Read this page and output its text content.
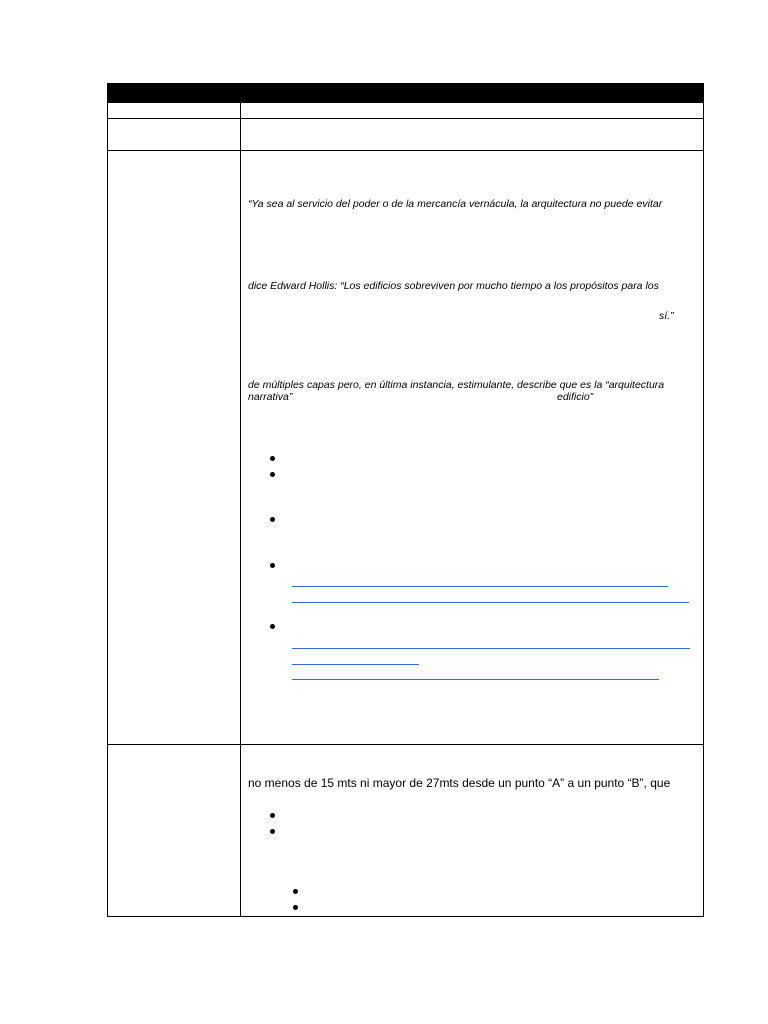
“Ya sea al servicio del poder o de la mercancía vernácula, la arquitectura no puede evitar
dice Edward Hollis: “Los edificios sobreviven por mucho tiempo a los propósitos para los
sí.”
de múltiples capas pero, en última instancia, estimulante, describe que es la “arquitectura
narrativa”	edificio”
no menos de 15 mts ni mayor de 27mts desde un punto “A” a un punto “B”, que
